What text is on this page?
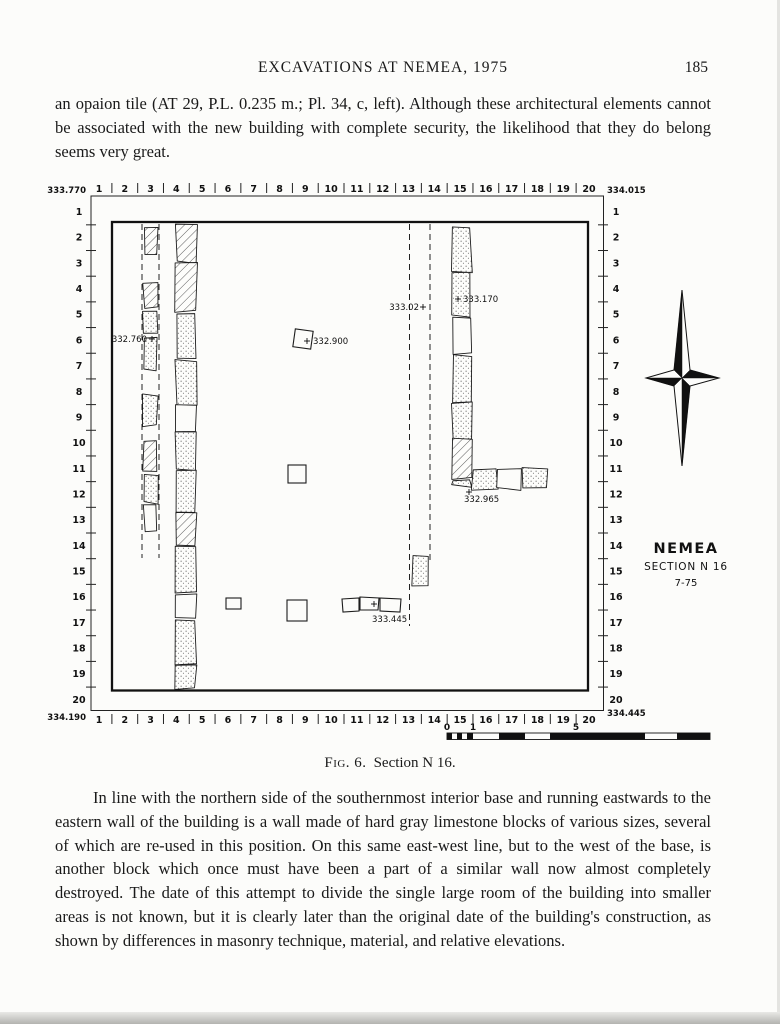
EXCAVATIONS AT NEMEA, 1975	185
an opaion tile (AT 29, P.L. 0.235 m.; Pl. 34, c, left). Although these architectural elements cannot be associated with the new building with complete security, the likelihood that they do belong seems very great.
333.770	334.015
334.190	334.445
1
1
1	1
2
2
2	2
3
3
3	3
4
4
4	4
5
5
5	5
6
6
6	6
7
7
7	7
8
8
8	8
9
9
9	9
10
10
10	10
11
11
11	11
12
12
12	12
13
13
13	13
14
14
14	14
15
15
15	15
16
16
16	16
17
17
17	17
18
18
18	18
19
19
19	19
20
20
20	20
332.760	332.900
333.02
333.170
332.965
333.445
NEMEA
SECTION N 16
7-75
0 1	5
Fig. 6. Section N 16.
In line with the northern side of the southernmost interior base and running eastwards to the eastern wall of the building is a wall made of hard gray limestone blocks of various sizes, several of which are re-used in this position. On this same east-west line, but to the west of the base, is another block which once must have been a part of a similar wall now almost completely destroyed. The date of this attempt to divide the single large room of the building into smaller areas is not known, but it is clearly later than the original date of the building's construction, as shown by differences in masonry technique, material, and relative elevations.
